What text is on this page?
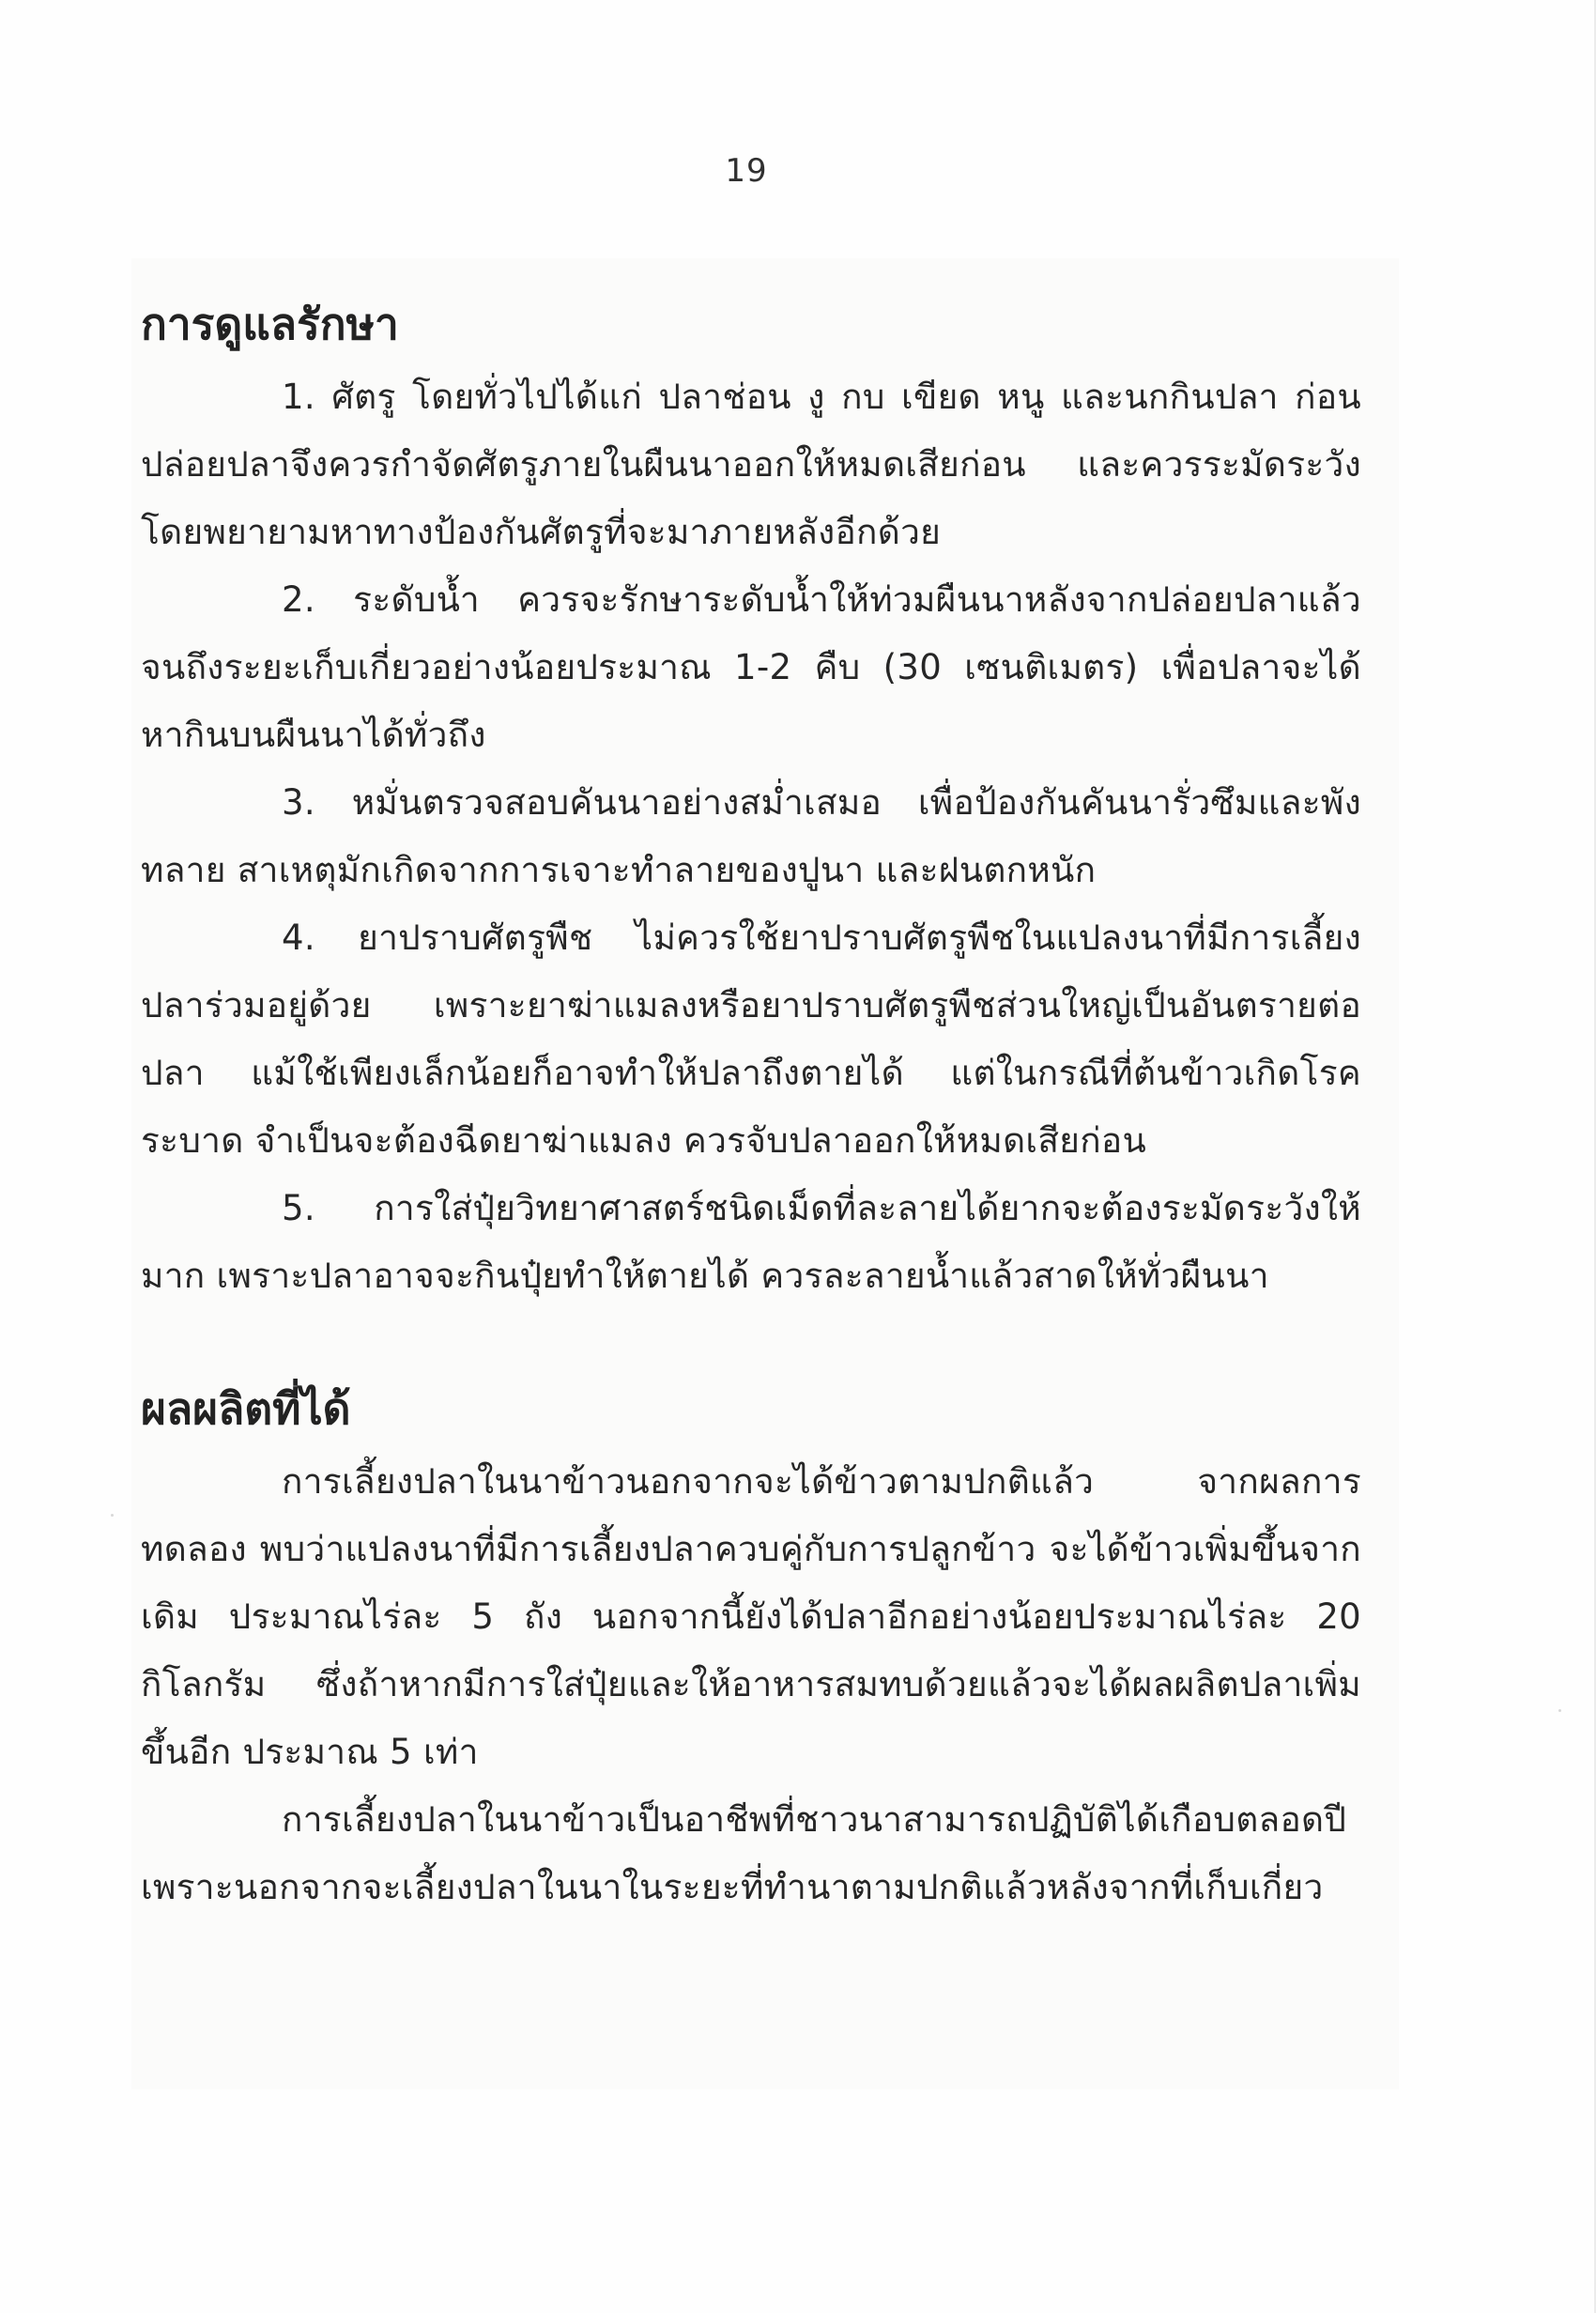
19
การดูแลรักษา

1. ศัตรู โดยทั่วไปได้แก่ ปลาช่อน งู กบ เขียด หนู และนกกินปลา ก่อนปล่อยปลาจึงควรกำจัดศัตรูภายในผืนนาออกให้หมดเสียก่อน และควรระมัดระวัง โดยพยายามหาทางป้องกันศัตรูที่จะมาภายหลังอีกด้วย

2. ระดับน้ำ ควรจะรักษาระดับน้ำให้ท่วมผืนนาหลังจากปล่อยปลาแล้ว จนถึงระยะเก็บเกี่ยวอย่างน้อยประมาณ 1-2 คืบ (30 เซนติเมตร) เพื่อปลาจะได้หากินบนผืนนาได้ทั่วถึง

3. หมั่นตรวจสอบคันนาอย่างสม่ำเสมอ เพื่อป้องกันคันนารั่วซึมและพังทลาย สาเหตุมักเกิดจากการเจาะทำลายของปูนา และฝนตกหนัก

4. ยาปราบศัตรูพืช ไม่ควรใช้ยาปราบศัตรูพืชในแปลงนาที่มีการเลี้ยงปลาร่วมอยู่ด้วย เพราะยาฆ่าแมลงหรือยาปราบศัตรูพืชส่วนใหญ่เป็นอันตรายต่อปลา แม้ใช้เพียงเล็กน้อยก็อาจทำให้ปลาถึงตายได้ แต่ในกรณีที่ต้นข้าวเกิดโรคระบาด จำเป็นจะต้องฉีดยาฆ่าแมลง ควรจับปลาออกให้หมดเสียก่อน

5. การใส่ปุ๋ยวิทยาศาสตร์ชนิดเม็ดที่ละลายได้ยากจะต้องระมัดระวังให้มาก เพราะปลาอาจจะกินปุ๋ยทำให้ตายได้ ควรละลายน้ำแล้วสาดให้ทั่วผืนนา

ผลผลิตที่ได้

การเลี้ยงปลาในนาข้าวนอกจากจะได้ข้าวตามปกติแล้ว จากผลการทดลอง พบว่าแปลงนาที่มีการเลี้ยงปลาควบคู่กับการปลูกข้าว จะได้ข้าวเพิ่มขึ้นจากเดิม ประมาณไร่ละ 5 ถัง นอกจากนี้ยังได้ปลาอีกอย่างน้อยประมาณไร่ละ 20 กิโลกรัม ซึ่งถ้าหากมีการใส่ปุ๋ยและให้อาหารสมทบด้วยแล้วจะได้ผลผลิตปลาเพิ่มขึ้นอีก ประมาณ 5 เท่า

การเลี้ยงปลาในนาข้าวเป็นอาชีพที่ชาวนาสามารถปฏิบัติได้เกือบตลอดปี เพราะนอกจากจะเลี้ยงปลาในนาในระยะที่ทำนาตามปกติแล้วหลังจากที่เก็บเกี่ยว
